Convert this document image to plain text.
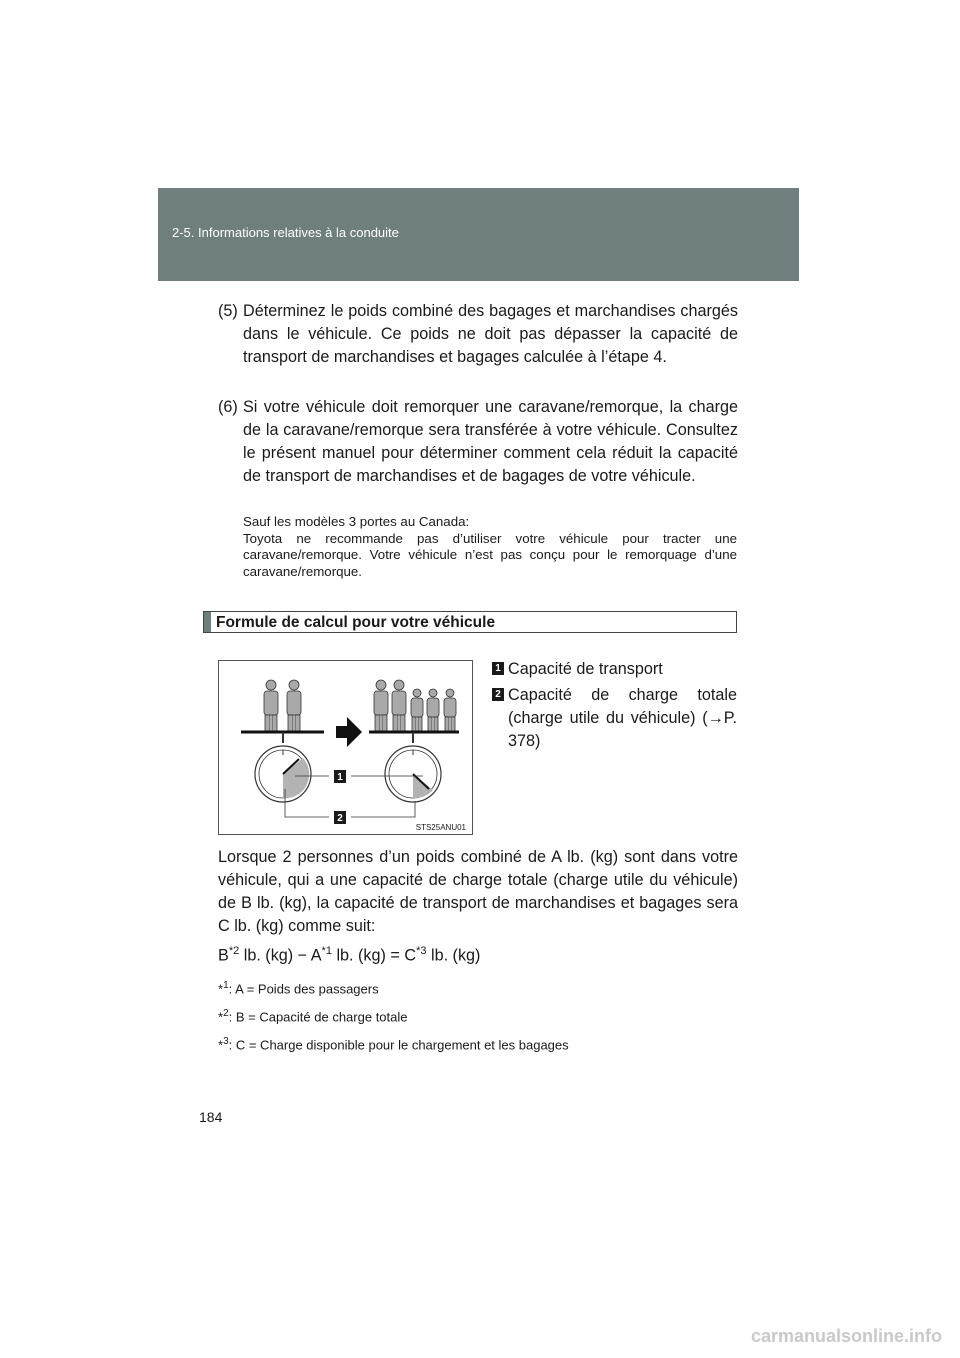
2-5. Informations relatives à la conduite
(5) Déterminez le poids combiné des bagages et marchandises chargés dans le véhicule. Ce poids ne doit pas dépasser la capacité de transport de marchandises et bagages calculée à l’étape 4.
(6) Si votre véhicule doit remorquer une caravane/remorque, la charge de la caravane/remorque sera transférée à votre véhicule. Consultez le présent manuel pour déterminer comment cela réduit la capacité de transport de marchandises et de bagages de votre véhicule.
Sauf les modèles 3 portes au Canada:
Toyota ne recommande pas d’utiliser votre véhicule pour tracter une caravane/remorque. Votre véhicule n’est pas conçu pour le remorquage d’une caravane/remorque.
Formule de calcul pour votre véhicule
1
2
STS25ANU01
1 Capacité de transport
2 Capacité de charge totale (charge utile du véhicule) (→P. 378)
Lorsque 2 personnes d’un poids combiné de A lb. (kg) sont dans votre véhicule, qui a une capacité de charge totale (charge utile du véhicule) de B lb. (kg), la capacité de transport de marchandises et bagages sera C lb. (kg) comme suit:
$B^{*2}$ lb. $(kg) - A^{*1}$ lb. $(kg) = C^{*3}$ lb. (kg)
*$^1$: A = Poids des passagers
*$^2$: B = Capacité de charge totale
*$^3$: C = Charge disponible pour le chargement et les bagages
184
carmanualsonline.info
